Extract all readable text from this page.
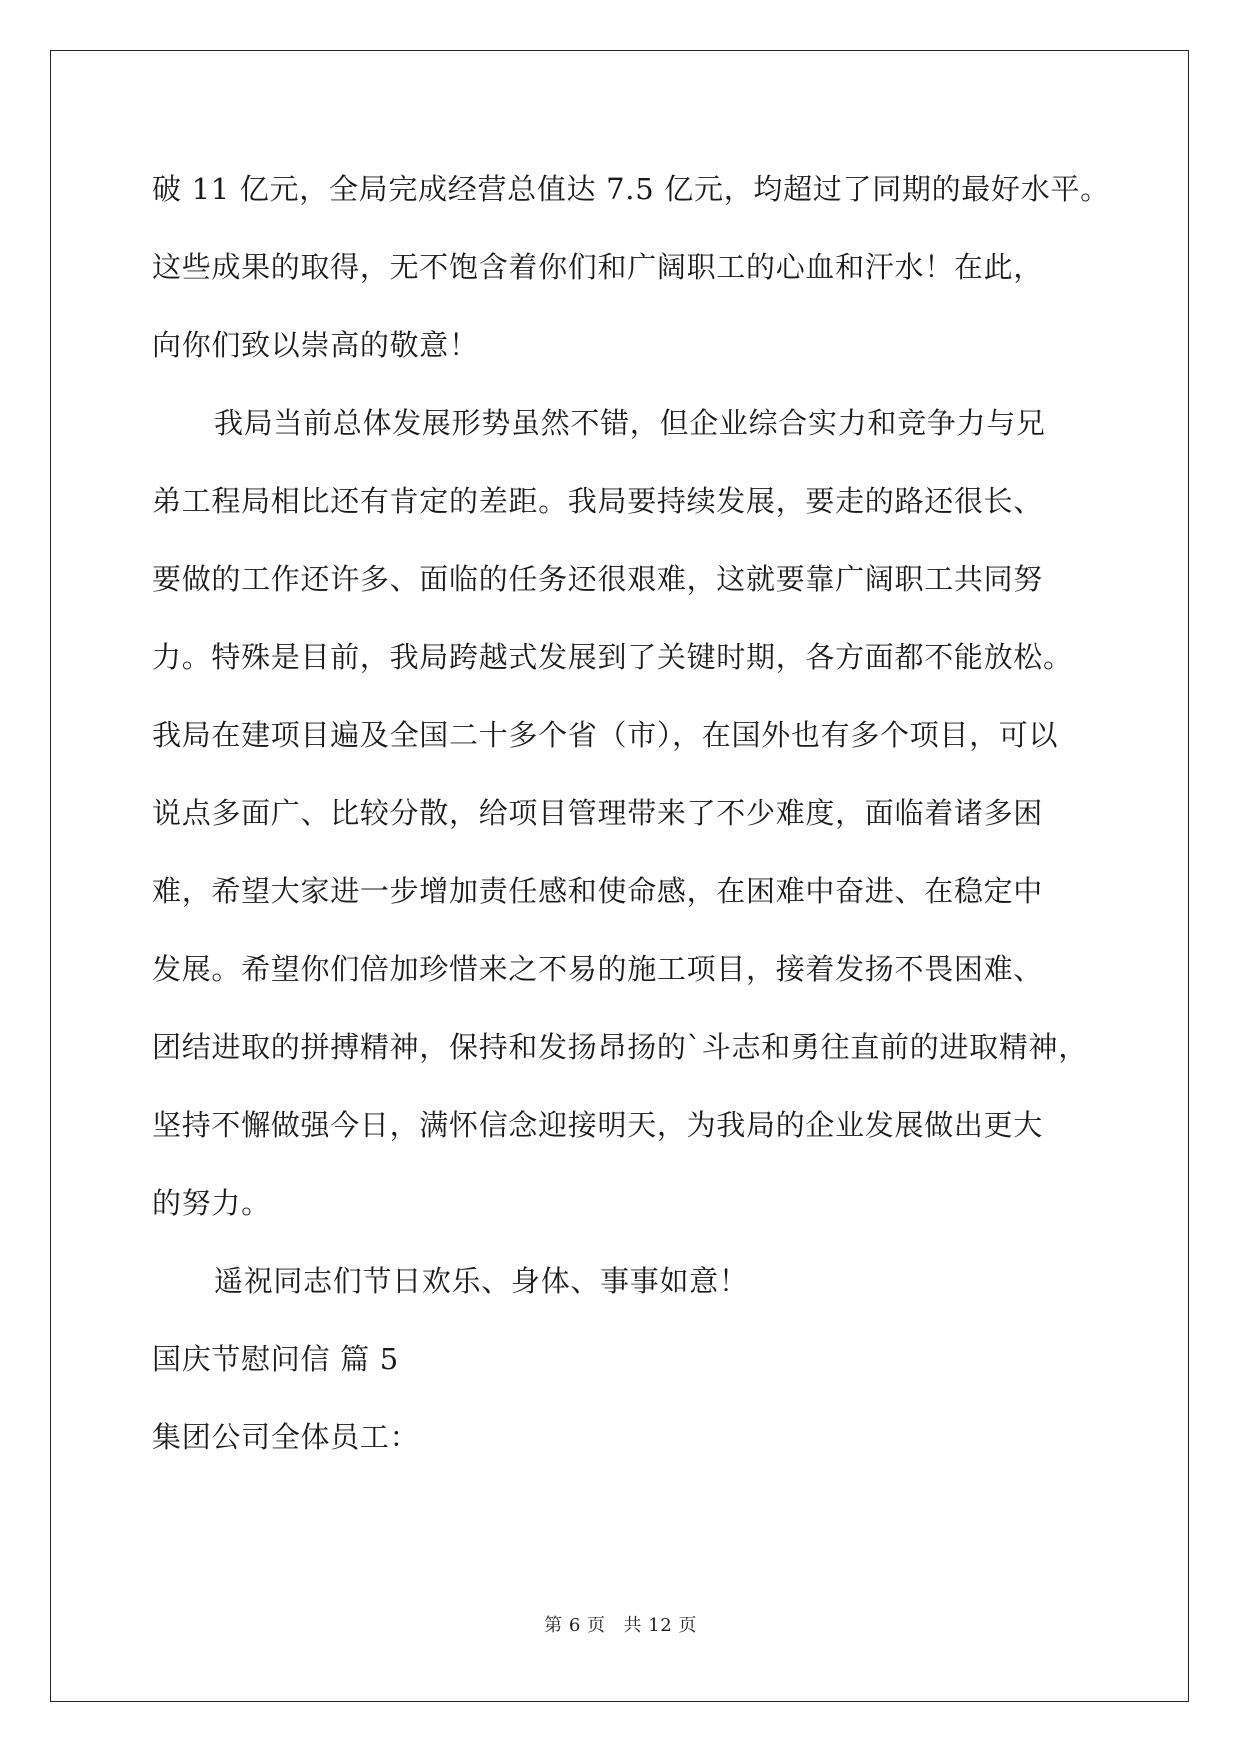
破 11 亿元，全局完成经营总值达 7.5 亿元，均超过了同期的最好水平。
这些成果的取得，无不饱含着你们和广阔职工的心血和汗水！在此，
向你们致以崇高的敬意！
我局当前总体发展形势虽然不错，但企业综合实力和竞争力与兄
弟工程局相比还有肯定的差距。我局要持续发展，要走的路还很长、
要做的工作还许多、面临的任务还很艰难，这就要靠广阔职工共同努
力。特殊是目前，我局跨越式发展到了关键时期，各方面都不能放松。
我局在建项目遍及全国二十多个省（市），在国外也有多个项目，可以
说点多面广、比较分散，给项目管理带来了不少难度，面临着诸多困
难，希望大家进一步增加责任感和使命感，在困难中奋进、在稳定中
发展。希望你们倍加珍惜来之不易的施工项目，接着发扬不畏困难、
团结进取的拼搏精神，保持和发扬昂扬的`斗志和勇往直前的进取精神，
坚持不懈做强今日，满怀信念迎接明天，为我局的企业发展做出更大
的努力。
遥祝同志们节日欢乐、身体、事事如意！
国庆节慰问信 篇 5
集团公司全体员工：
第 6 页 共 12 页
